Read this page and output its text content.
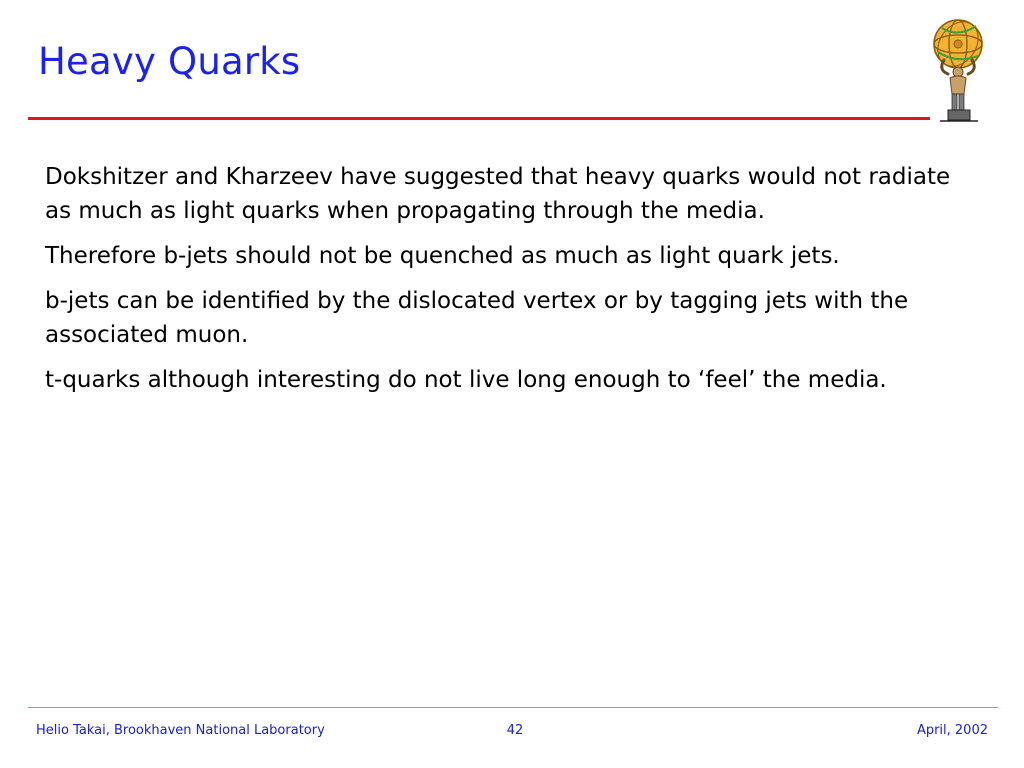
Heavy Quarks

Dokshitzer and Kharzeev have suggested that heavy quarks would not radiate as much as light quarks when propagating through the media.

Therefore b-jets should not be quenched as much as light quark jets.

b-jets can be identified by the dislocated vertex or by tagging jets with the associated muon.

t-quarks although interesting do not live long enough to ‘feel’ the media.

Helio Takai, Brookhaven National Laboratory	42	April, 2002
